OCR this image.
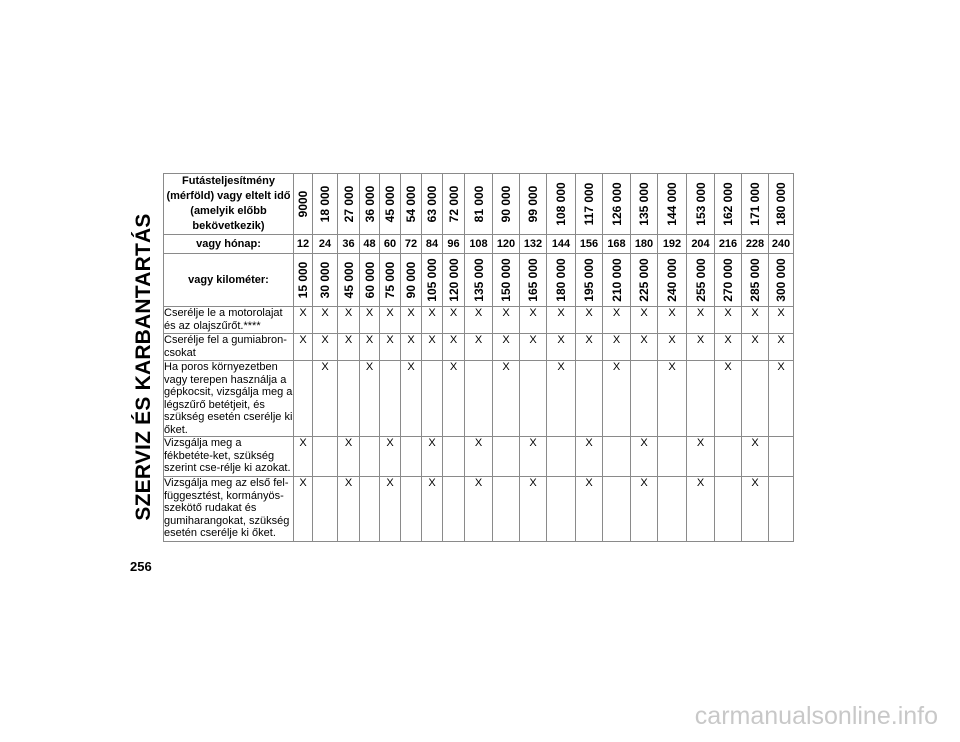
SZERVIZ ÉS KARBANTARTÁS
Futásteljesítmény (mérföld) vagy eltelt idő (amelyik előbb bekövetkezik)	9000	18 000	27 000	36 000	45 000	54 000	63 000	72 000	81 000	90 000	99 000	108 000	117 000	126 000	135 000	144 000	153 000	162 000	171 000	180 000

vagy hónap:	12	24	36	48	60	72	84	96	108	120	132	144	156	168	180	192	204	216	228	240
vagy kilométer:	15 000	30 000	45 000	60 000	75 000	90 000	105 000	120 000	135 000	150 000	165 000	180 000	195 000	210 000	225 000	240 000	255 000	270 000	285 000	300 000

Cserélje le a motorolajat és az olajszűrőt.****	X	X	X	X	X	X	X	X	X	X	X	X	X	X	X	X	X	X	X	X
Cserélje fel a gumiabron-csokat	X	X	X	X	X	X	X	X	X	X	X	X	X	X	X	X	X	X	X	X
Ha poros környezetben vagy terepen használja a gépkocsit, vizsgálja meg a légszűrő betétjeit, és szükség esetén cserélje ki őket.		X		X		X		X		X		X		X		X		X		X
Vizsgálja meg a fékbetéte-ket, szükség szerint cse-rélje ki azokat.	X		X		X		X		X		X		X		X		X		X	
Vizsgálja meg az első fel-függesztést, kormányös-szekötő rudakat és gumiharangokat, szükség esetén cserélje ki őket.	X		X		X		X		X		X		X		X		X		X	
256
carmanualsonline.info
